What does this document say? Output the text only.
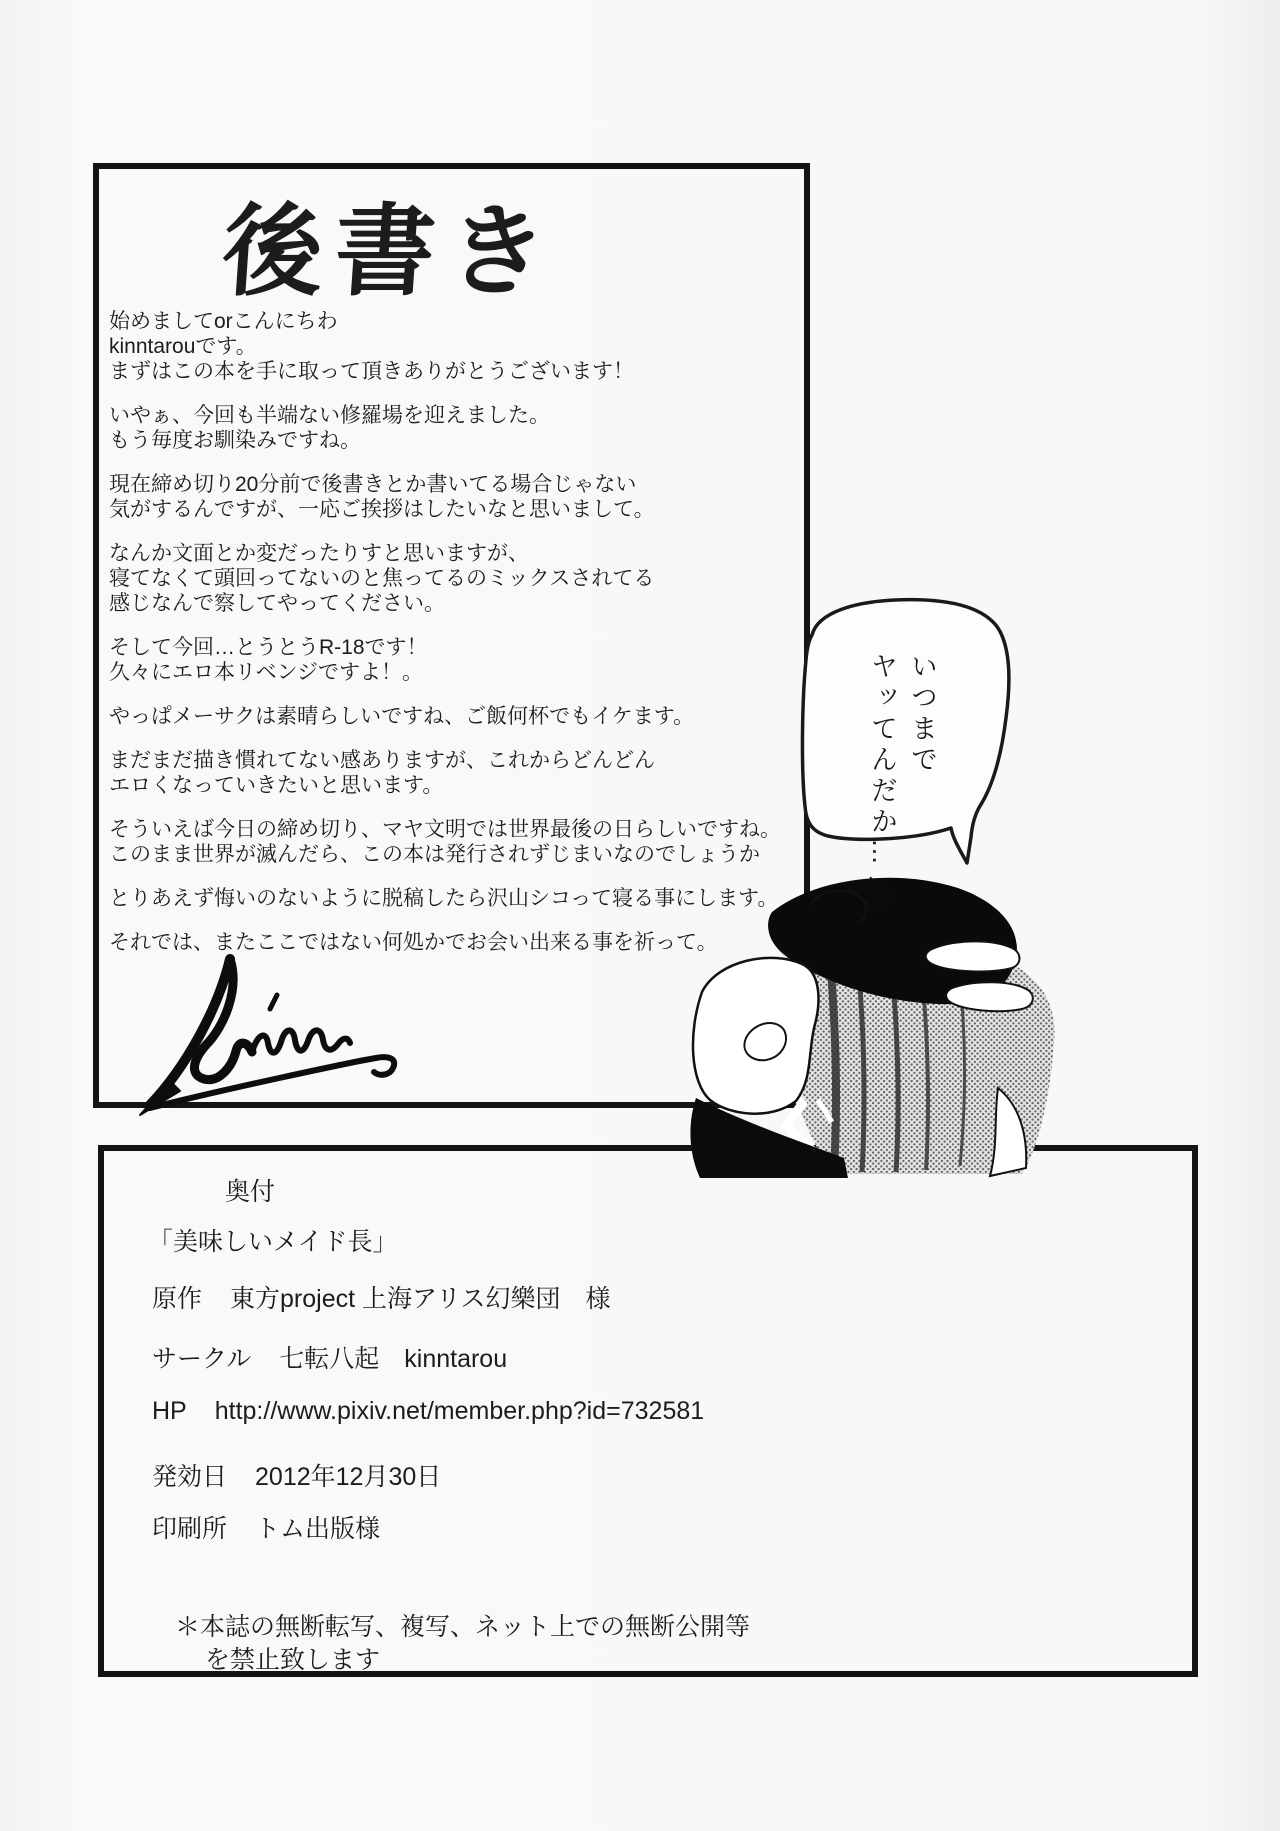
後書き
始めましてorこんにちわ
kinntarouです。
まずはこの本を手に取って頂きありがとうございます！
いやぁ、今回も半端ない修羅場を迎えました。
もう毎度お馴染みですね。
現在締め切り20分前で後書きとか書いてる場合じゃない
気がするんですが、一応ご挨拶はしたいなと思いまして。
なんか文面とか変だったりすと思いますが、
寝てなくて頭回ってないのと焦ってるのミックスされてる
感じなんで察してやってください。
そして今回…とうとうR-18です！
久々にエロ本リベンジですよ！。
やっぱメーサクは素晴らしいですね、ご飯何杯でもイケます。
まだまだ描き慣れてない感ありますが、これからどんどん
エロくなっていきたいと思います。
そういえば今日の締め切り、マヤ文明では世界最後の日らしいですね。
このまま世界が滅んだら、この本は発行されずじまいなのでしょうか
とりあえず悔いのないように脱稿したら沢山シコって寝る事にします。
それでは、またここではない何処かでお会い出来る事を祈って。
いつまで
ヤッてんだか…
奥付
「美味しいメイド長」
原作 東方project 上海アリス幻樂団　様
サークル 七転八起　kinntarou
HP http://www.pixiv.net/member.php?id=732581
発効日 2012年12月30日
印刷所 トム出版様
＊本誌の無断転写、複写、ネット上での無断公開等
を禁止致します
